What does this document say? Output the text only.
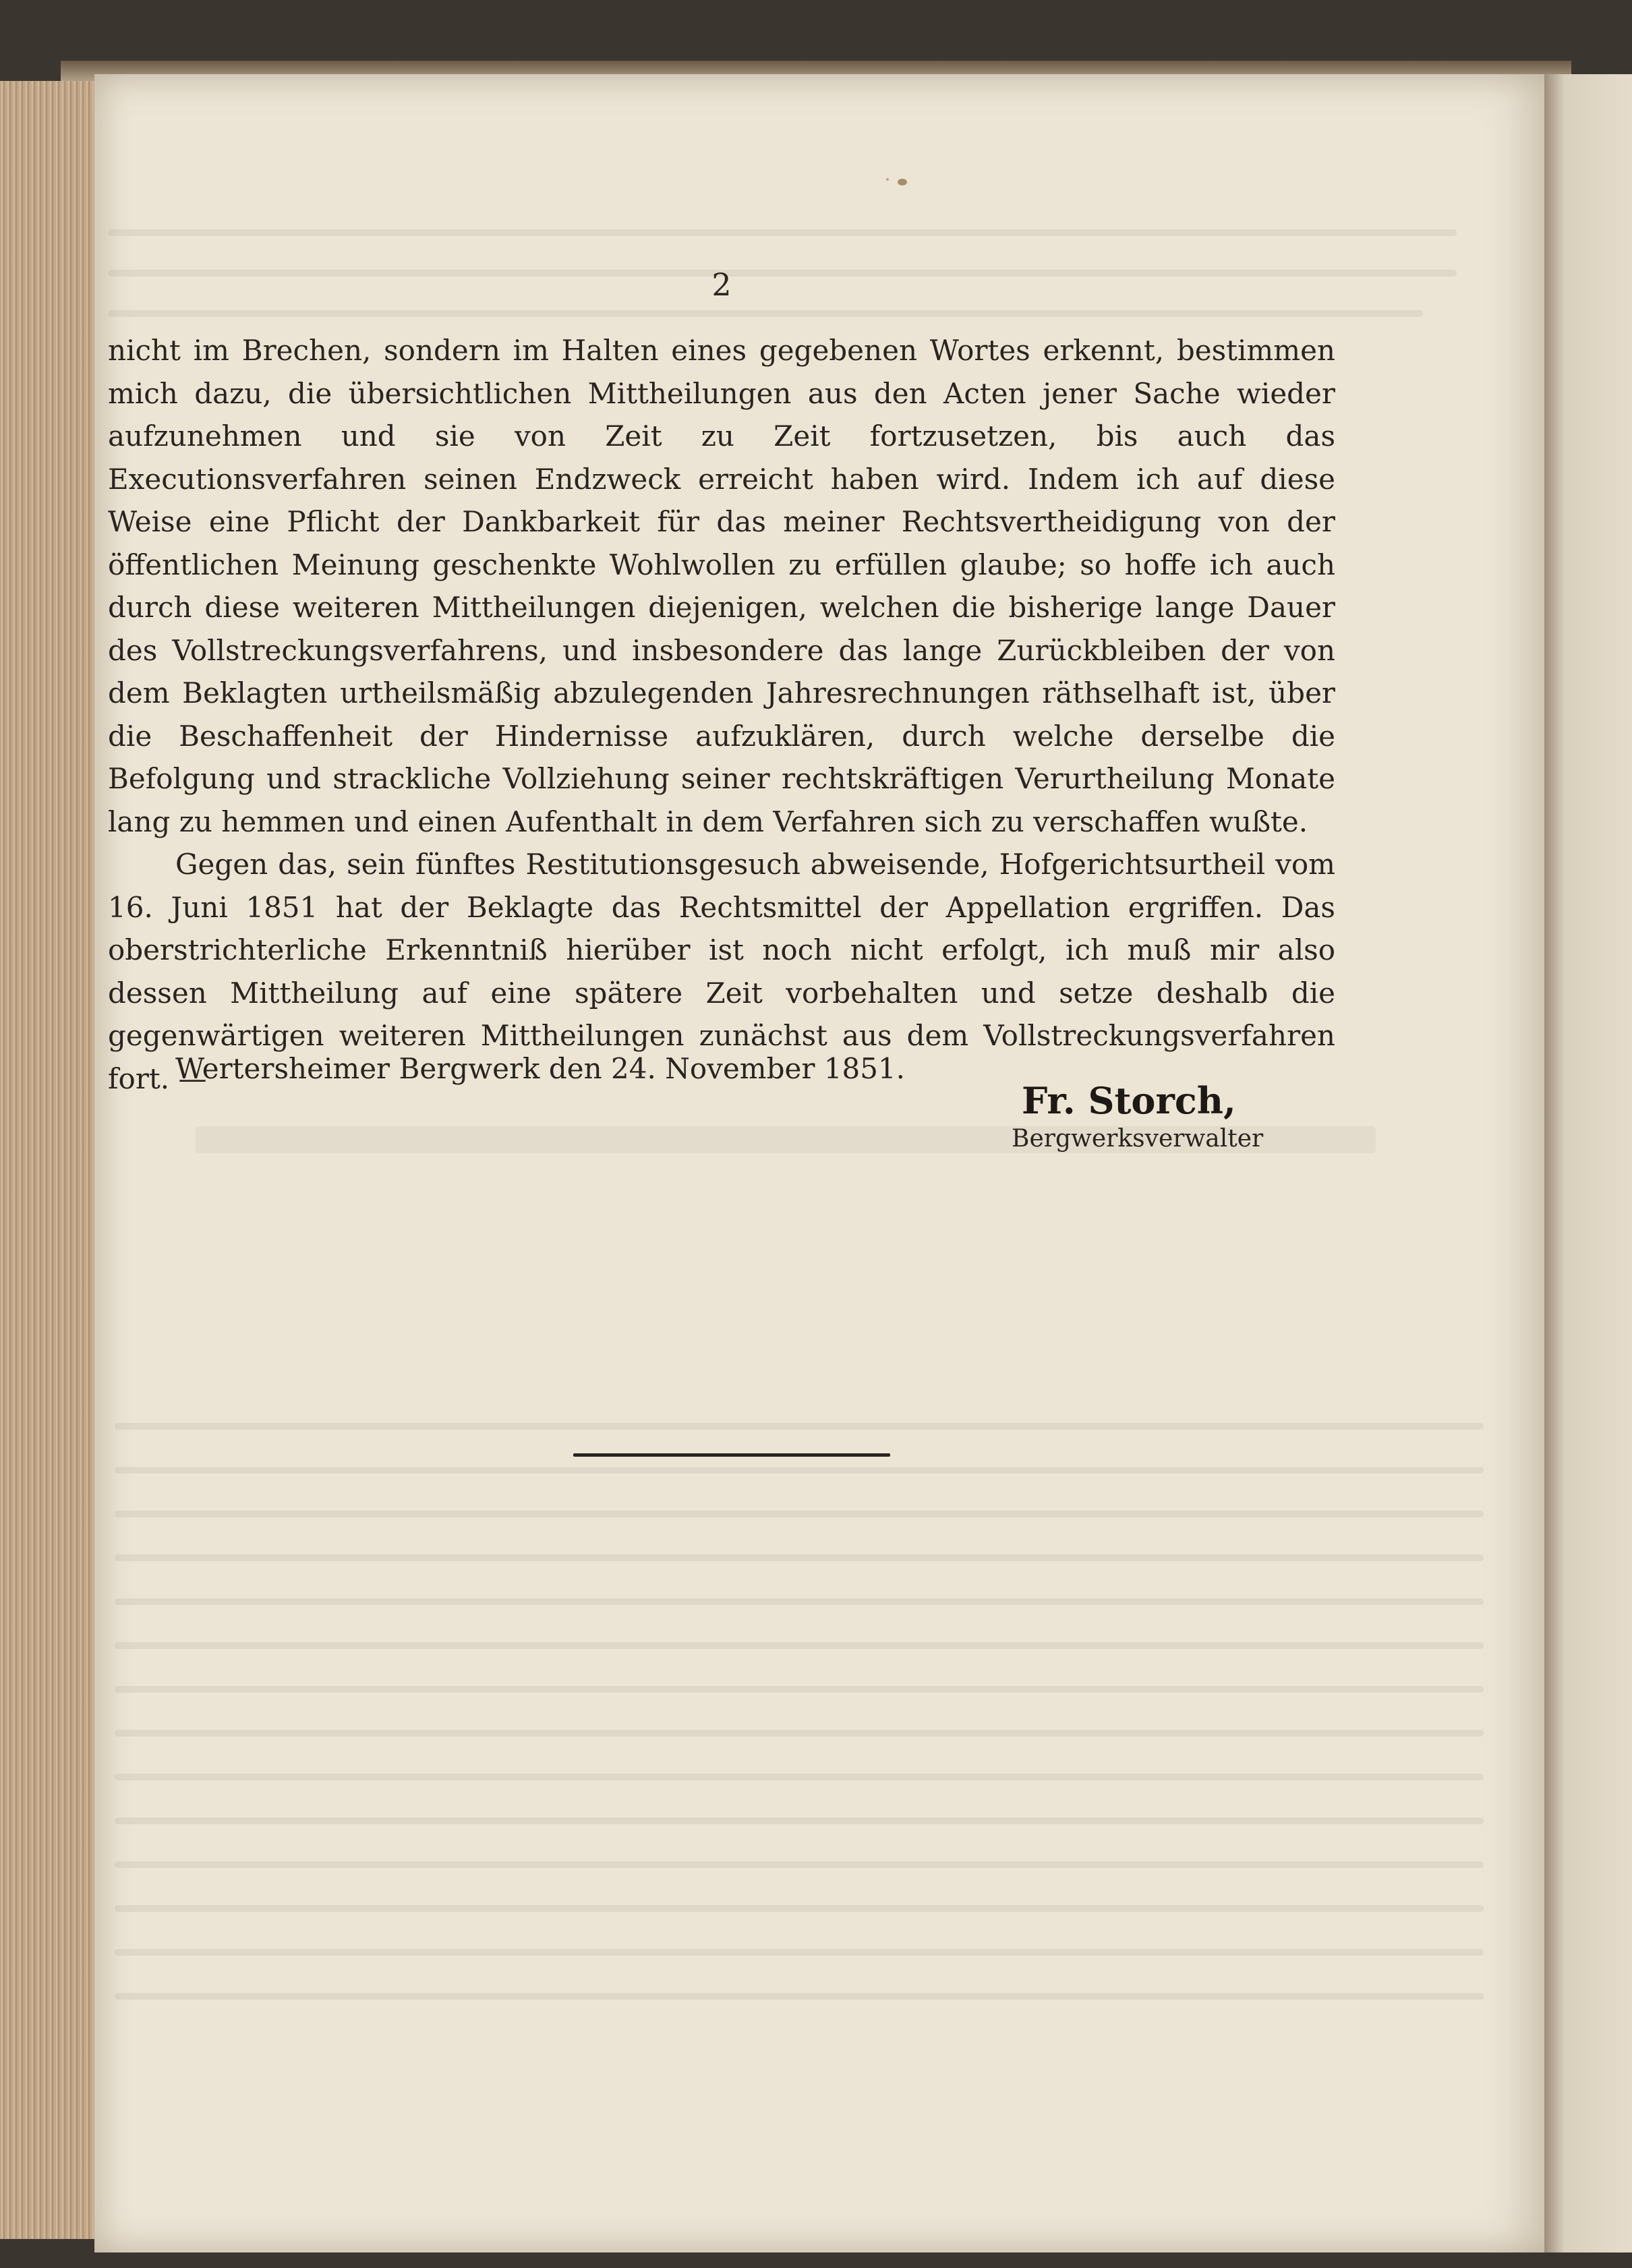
2

nicht im Brechen, sondern im Halten eines gegebenen Wortes erkennt, bestimmen mich dazu, die übersichtlichen Mittheilungen aus den Acten jener Sache wieder aufzunehmen und sie von Zeit zu Zeit fortzusetzen, bis auch das Executionsverfahren seinen Endzweck erreicht haben wird. Indem ich auf diese Weise eine Pflicht der Dankbarkeit für das meiner Rechtsvertheidigung von der öffentlichen Meinung geschenkte Wohlwollen zu erfüllen glaube; so hoffe ich auch durch diese weiteren Mittheilungen diejenigen, welchen die bisherige lange Dauer des Vollstreckungsverfahrens, und insbesondere das lange Zurückbleiben der von dem Beklagten urtheilsmäßig abzulegenden Jahresrechnungen räthselhaft ist, über die Beschaffenheit der Hindernisse aufzuklären, durch welche derselbe die Befolgung und strackliche Vollziehung seiner rechtskräftigen Verurtheilung Monate lang zu hemmen und einen Aufenthalt in dem Verfahren sich zu verschaffen wußte.

Gegen das, sein fünftes Restitutionsgesuch abweisende, Hofgerichtsurtheil vom 16. Juni 1851 hat der Beklagte das Rechtsmittel der Appellation ergriffen. Das oberstrichterliche Erkenntniß hierüber ist noch nicht erfolgt, ich muß mir also dessen Mittheilung auf eine spätere Zeit vorbehalten und setze deshalb die gegenwärtigen weiteren Mittheilungen zunächst aus dem Vollstreckungsverfahren fort. —

Wertersheimer Bergwerk den 24. November 1851.
Fr. Storch,
Bergwerksverwalter
